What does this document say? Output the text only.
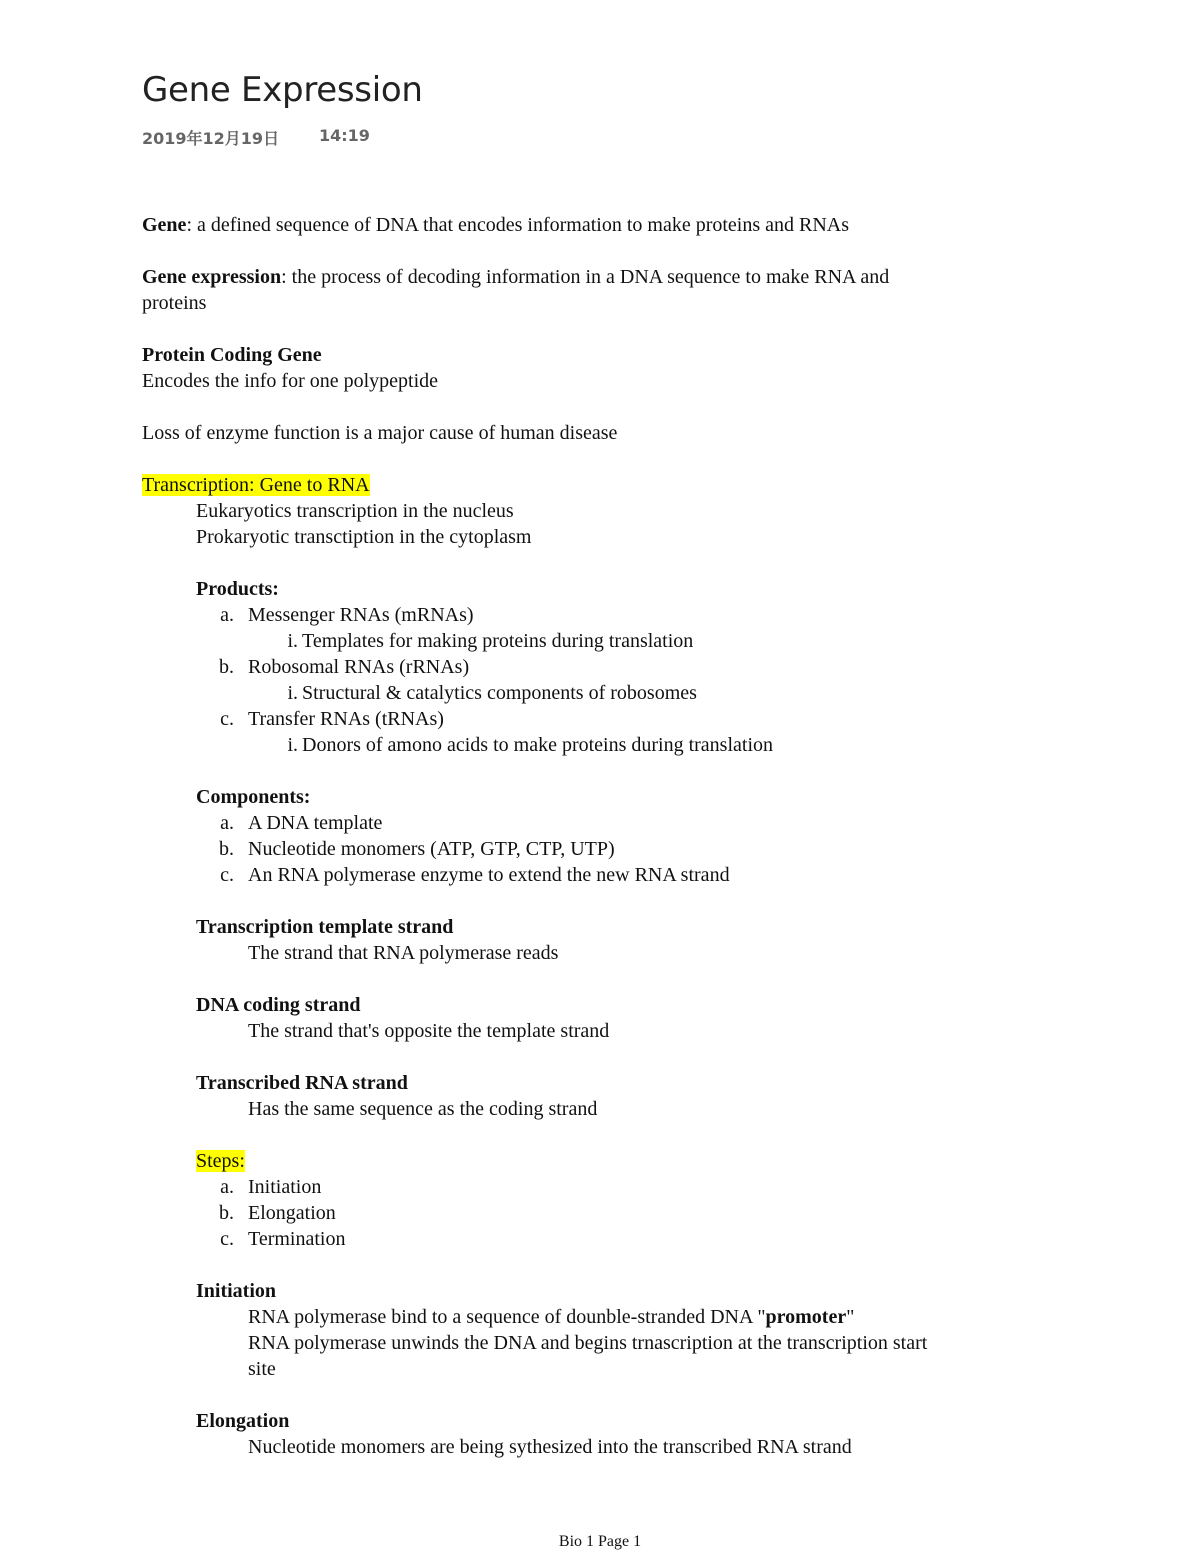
Gene Expression
2019年12月19日 14:19

Gene: a defined sequence of DNA that encodes information to make proteins and RNAs

Gene expression: the process of decoding information in a DNA sequence to make RNA and

proteins

Protein Coding Gene

Encodes the info for one polypeptide

Loss of enzyme function is a major cause of human disease

Transcription: Gene to RNA

Eukaryotics transcription in the nucleus

Prokaryotic transctiption in the cytoplasm

Products:

a. Messenger RNAs (mRNAs)

i. Templates for making proteins during translation

b. Robosomal RNAs (rRNAs)

i. Structural & catalytics components of robosomes

c. Transfer RNAs (tRNAs)

i. Donors of amono acids to make proteins during translation

Components:

a. A DNA template

b. Nucleotide monomers (ATP, GTP, CTP, UTP)

c. An RNA polymerase enzyme to extend the new RNA strand

Transcription template strand

The strand that RNA polymerase reads

DNA coding strand

The strand that's opposite the template strand

Transcribed RNA strand

Has the same sequence as the coding strand

Steps:

a. Initiation

b. Elongation

c. Termination

Initiation

RNA polymerase bind to a sequence of dounble-stranded DNA "promoter"

RNA polymerase unwinds the DNA and begins trnascription at the transcription start

site

Elongation

Nucleotide monomers are being sythesized into the transcribed RNA strand

Bio 1 Page 1
